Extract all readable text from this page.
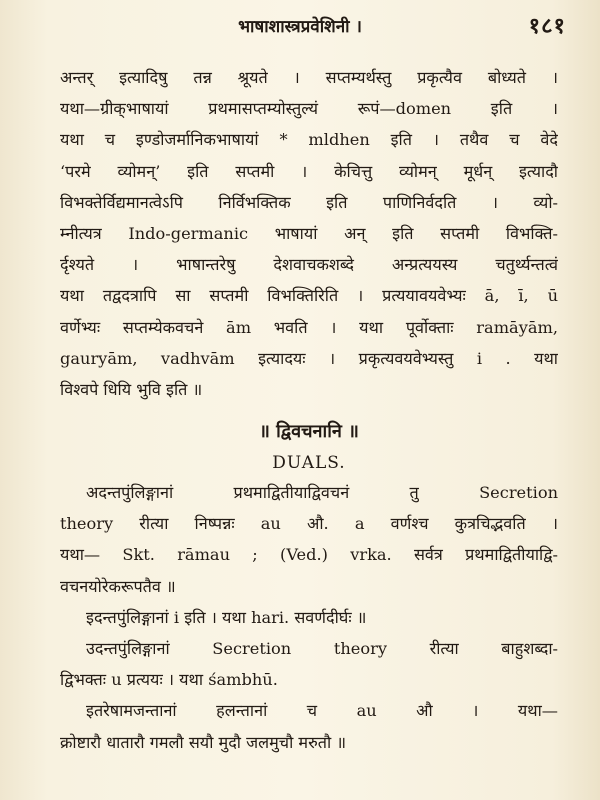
भाषाशास्त्रप्रवेशिनी ।	१८१
अन्तर् इत्यादिषु तन्न श्रूयते । सप्तम्यर्थस्तु प्रकृत्यैव बोध्यते ।
यथा—ग्रीक्‌भाषायां प्रथमासप्तम्योस्तुल्यं रूपं—domen इति ।
यथा च इण्डोजर्मानिकभाषायां * mldhen इति । तथैव च वेदे
‘परमे व्योमन्’ इति सप्तमी । केचित्तु व्योमन् मूर्धन् इत्यादौ
विभक्तेर्विद्यमानत्वेऽपि निर्विभक्तिक इति पाणिनिर्वदति । व्यो-
म्नीत्यत्र Indo-germanic भाषायां अन् इति सप्तमी विभक्ति-
र्दृश्यते । भाषान्तरेषु देशवाचकशब्दे अन्प्रत्ययस्य चतुर्थ्यन्तत्वं
यथा तद्वदत्रापि सा सप्तमी विभक्तिरिति । प्रत्ययावयवेभ्यः ā, ī, ū
वर्णेभ्यः सप्तम्येकवचने ām भवति । यथा पूर्वोक्ताः ramāyām,
gauryām, vadhvām इत्यादयः । प्रकृत्यवयवेभ्यस्तु i . यथा
विश्वपे धियि भुवि इति ॥
॥ द्विवचनानि ॥
DUALS.
अदन्तपुंलिङ्गानां प्रथमाद्वितीयाद्विवचनं तु Secretion
theory रीत्या निष्पन्नः au औ. a वर्णश्च कुत्रचिद्भवति ।
यथा— Skt. rāmau ; (Ved.) vrka. सर्वत्र प्रथमाद्वितीयाद्वि-
वचनयोरेकरूपतैव ॥
इदन्तपुंलिङ्गानां i इति । यथा hari. सवर्णदीर्घः ॥
उदन्तपुंलिङ्गानां Secretion theory रीत्या बाहुशब्दा-
द्विभक्तः u प्रत्ययः । यथा śambhū.
इतरेषामजन्तानां हलन्तानां च au औ । यथा—
क्रोष्टारौ धातारौ गमलौ सयौ मुदौ जलमुचौ मरुतौ ॥
